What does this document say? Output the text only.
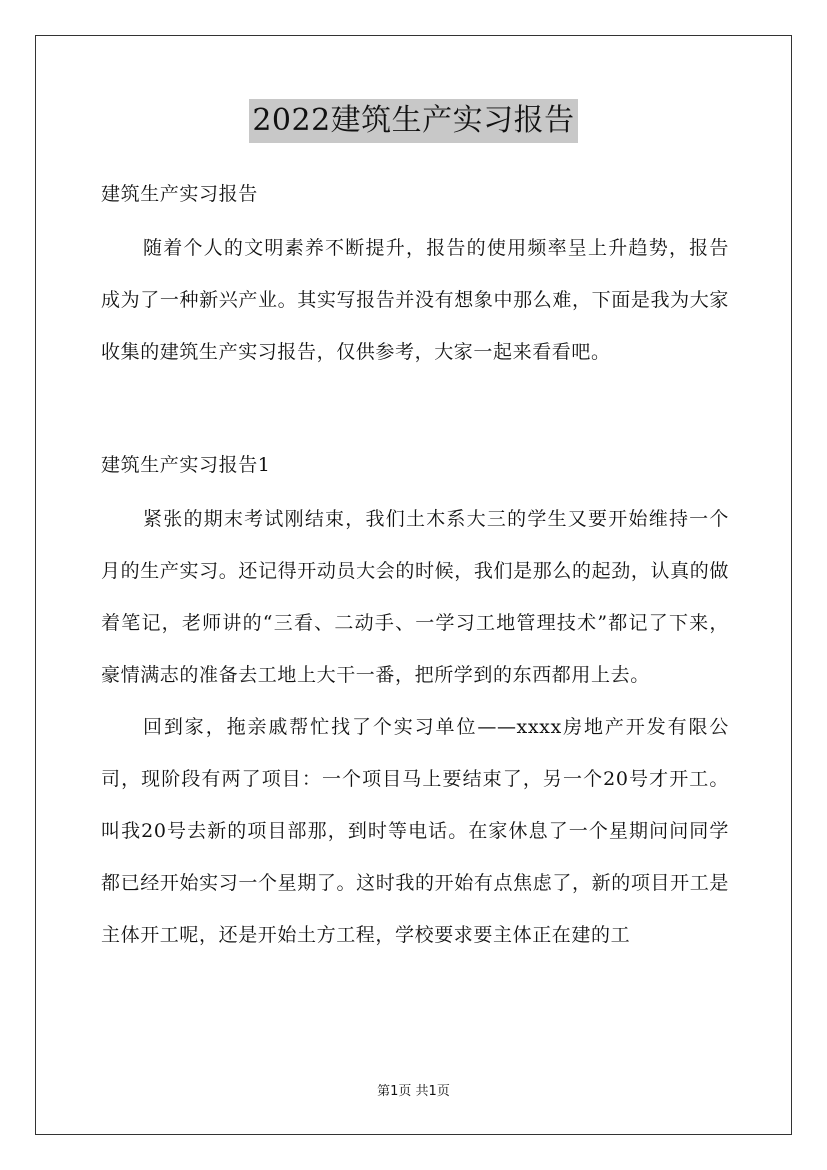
2022建筑生产实习报告
建筑生产实习报告

随着个人的文明素养不断提升，报告的使用频率呈上升趋势，报告成为了一种新兴产业。其实写报告并没有想象中那么难，下面是我为大家收集的建筑生产实习报告，仅供参考，大家一起来看看吧。

建筑生产实习报告1

紧张的期末考试刚结束，我们土木系大三的学生又要开始维持一个月的生产实习。还记得开动员大会的时候，我们是那么的起劲，认真的做着笔记，老师讲的“三看、二动手、一学习工地管理技术”都记了下来，豪情满志的准备去工地上大干一番，把所学到的东西都用上去。

回到家，拖亲戚帮忙找了个实习单位——xxxx房地产开发有限公司，现阶段有两了项目：一个项目马上要结束了，另一个20号才开工。叫我20号去新的项目部那，到时等电话。在家休息了一个星期问问同学都已经开始实习一个星期了。这时我的开始有点焦虑了，新的项目开工是主体开工呢，还是开始土方工程，学校要求要主体正在建的工

第1页 共1页
